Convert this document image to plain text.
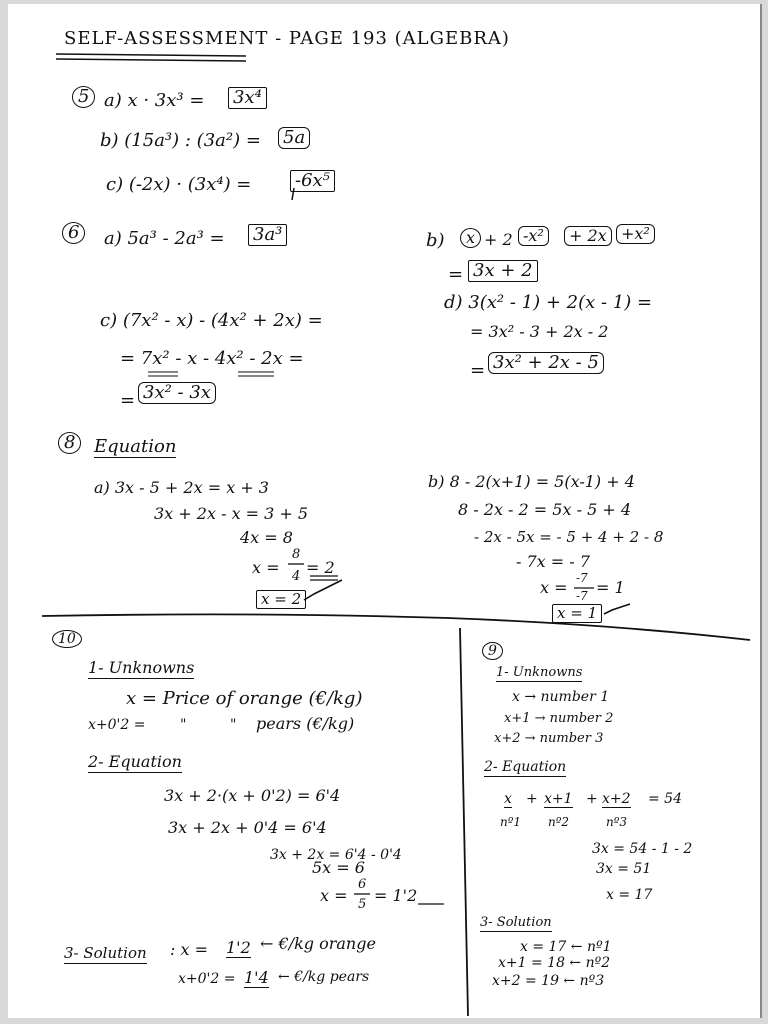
SELF-ASSESSMENT - PAGE 193 (ALGEBRA)
5 a) x · 3x³ = 3x⁴
b) (15a³) : (3a²) = 5a
c) (-2x) · (3x⁴) = -6x⁵
6	a) 5a³ - 2a³ = 3a³	b)	x + 2 -x²	+ 2x +x²
= 3x + 2
c) (7x² - x) - (4x² + 2x) =
= 7x² - x - 4x² - 2x =
= 3x² - 3x
d) 3(x² - 1) + 2(x - 1) =
= 3x² - 3 + 2x - 2
= 3x² + 2x - 5
8	Equation
a) 3x - 5 + 2x = x + 3
3x + 2x - x = 3 + 5
4x = 8
x =
8
4 = 2
x = 2
b) 8 - 2(x+1) = 5(x-1) + 4
8 - 2x - 2 = 5x - 5 + 4
- 2x - 5x = - 5 + 4 + 2 - 8
- 7x = - 7
x = -7
-7 = 1
x = 1
10
1- Unknowns
x = Price of orange (€/kg)
x+0'2 = "	" pears (€/kg)
2- Equation
3x + 2·(x + 0'2) = 6'4
3x + 2x + 0'4 = 6'4
3x + 2x = 6'4 - 0'4
5x = 6
x =
6
5 = 1'2
3- Solution : x = 1'2 ← €/kg orange
x+0'2 = 1'4 ← €/kg pears
9
1- Unknowns
x → number 1
x+1 → number 2
x+2 → number 3
2- Equation
x + x+1 + x+2 = 54
nº1 nº2	nº3
3x = 54 - 1 - 2
3x = 51
x = 17
3- Solution
x = 17 ← nº1
x+1 = 18 ← nº2
x+2 = 19 ← nº3
